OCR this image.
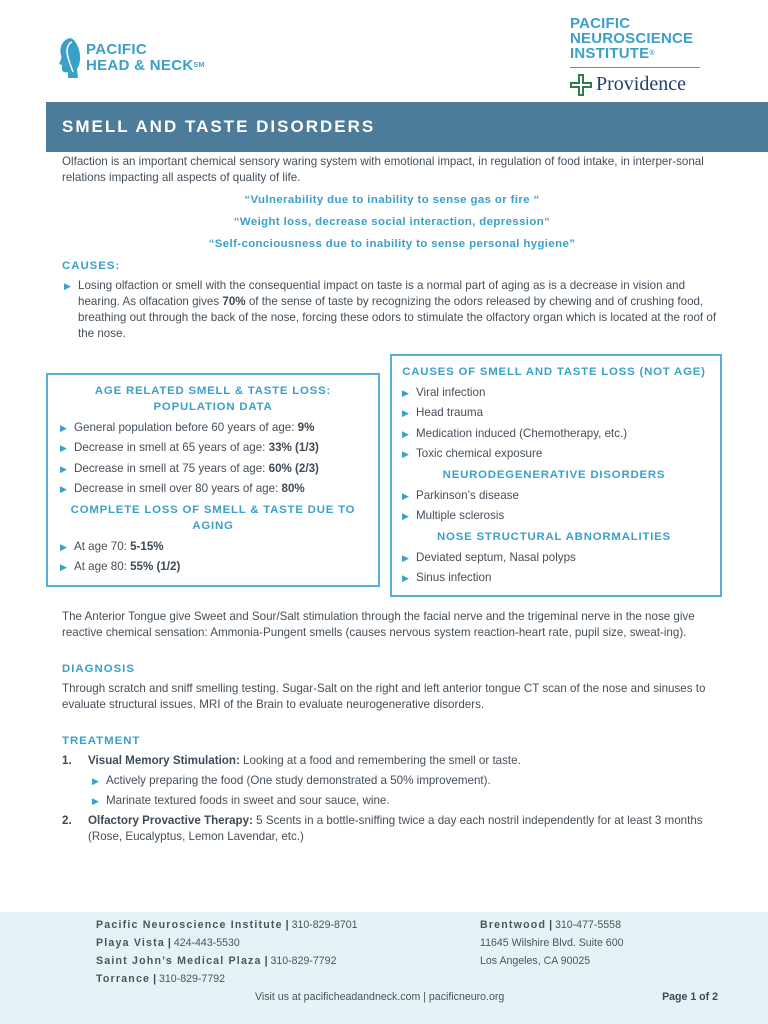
PACIFIC
HEAD & NECK℠
PACIFIC
NEUROSCIENCE
INSTITUTE®
Providence
SMELL AND TASTE DISORDERS

Olfaction is an important chemical sensory waring system with emotional impact, in regulation of food intake, in interper-sonal relations impacting all aspects of quality of life.

“Vulnerability due to inability to sense gas or fire “

“Weight loss, decrease social interaction, depression“

“Self-conciousness due to inability to sense personal hygiene”

CAUSES:
▶ Losing olfaction or smell with the consequential impact on taste is a normal part of aging as is a decrease in vision and hearing. As olfacation gives 70% of the sense of taste by recognizing the odors released by chewing and of crushing food, breathing out through the back of the nose, forcing these odors to stimulate the olfactory organ which is located at the roof of the nose.
AGE RELATED SMELL & TASTE LOSS: POPULATION DATA
▶ General population before 60 years of age: 9%
▶ Decrease in smell at 65 years of age: 33% (1/3)
▶ Decrease in smell at 75 years of age: 60% (2/3)
▶ Decrease in smell over 80 years of age: 80%
COMPLETE LOSS OF SMELL & TASTE DUE TO AGING
▶ At age 70: 5-15%
▶ At age 80: 55% (1/2)
CAUSES OF SMELL AND TASTE LOSS (NOT AGE)
▶ Viral infection
▶ Head trauma
▶ Medication induced (Chemotherapy, etc.)
▶ Toxic chemical exposure
NEURODEGENERATIVE DISORDERS
▶ Parkinson’s disease
▶ Multiple sclerosis
NOSE STRUCTURAL ABNORMALITIES
▶ Deviated septum, Nasal polyps
▶ Sinus infection

The Anterior Tongue give Sweet and Sour/Salt stimulation through the facial nerve and the trigeminal nerve in the nose give reactive chemical sensation: Ammonia-Pungent smells (causes nervous system reaction-heart rate, pupil size, sweat-ing).

DIAGNOSIS

Through scratch and sniff smelling testing. Sugar-Salt on the right and left anterior tongue CT scan of the nose and sinuses to evaluate structural issues. MRI of the Brain to evaluate neurogenerative disorders.

TREATMENT
1. Visual Memory Stimulation: Looking at a food and remembering the smell or taste.
▶ Actively preparing the food (One study demonstrated a 50% improvement).
▶ Marinate textured foods in sweet and sour sauce, wine.
2. Olfactory Provactive Therapy: 5 Scents in a bottle-sniffing twice a day each nostril independently for at least 3 months (Rose, Eucalyptus, Lemon Lavendar, etc.)
Pacific Neuroscience Institute | 310-829-8701
Playa Vista | 424-443-5530
Saint John’s Medical Plaza | 310-829-7792
Torrance | 310-829-7792
Brentwood | 310-477-5558
11645 Wilshire Blvd. Suite 600
Los Angeles, CA 90025
Visit us at pacificheadandneck.com | pacificneuro.org	Page 1 of 2
